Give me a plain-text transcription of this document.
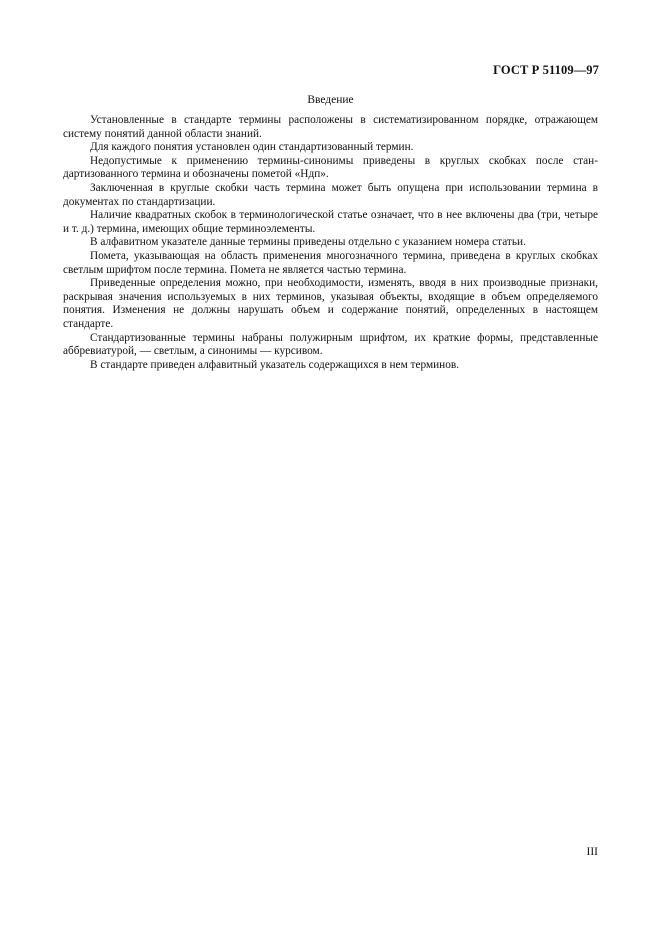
ГОСТ Р 51109—97
Введение

Установленные в стандарте термины расположены в систематизированном порядке, отражающем систему понятий данной области знаний.

Для каждого понятия установлен один стандартизованный термин.

Недопустимые к применению термины-синонимы приведены в круглых скобках после стандартизованного термина и обозначены пометой «Ндп».

Заключенная в круглые скобки часть термина может быть опущена при использовании термина в документах по стандартизации.

Наличие квадратных скобок в терминологической статье означает, что в нее включены два (три, четыре и т. д.) термина, имеющих общие терминоэлементы.

В алфавитном указателе данные термины приведены отдельно с указанием номера статьи.

Помета, указывающая на область применения многозначного термина, приведена в круглых скобках светлым шрифтом после термина. Помета не является частью термина.

Приведенные определения можно, при необходимости, изменять, вводя в них производные признаки, раскрывая значения используемых в них терминов, указывая объекты, входящие в объем определяемого понятия. Изменения не должны нарушать объем и содержание понятий, определенных в настоящем стандарте.

Стандартизованные термины набраны полужирным шрифтом, их краткие формы, представленные аббревиатурой, — светлым, а синонимы — курсивом.

В стандарте приведен алфавитный указатель содержащихся в нем терминов.

III
